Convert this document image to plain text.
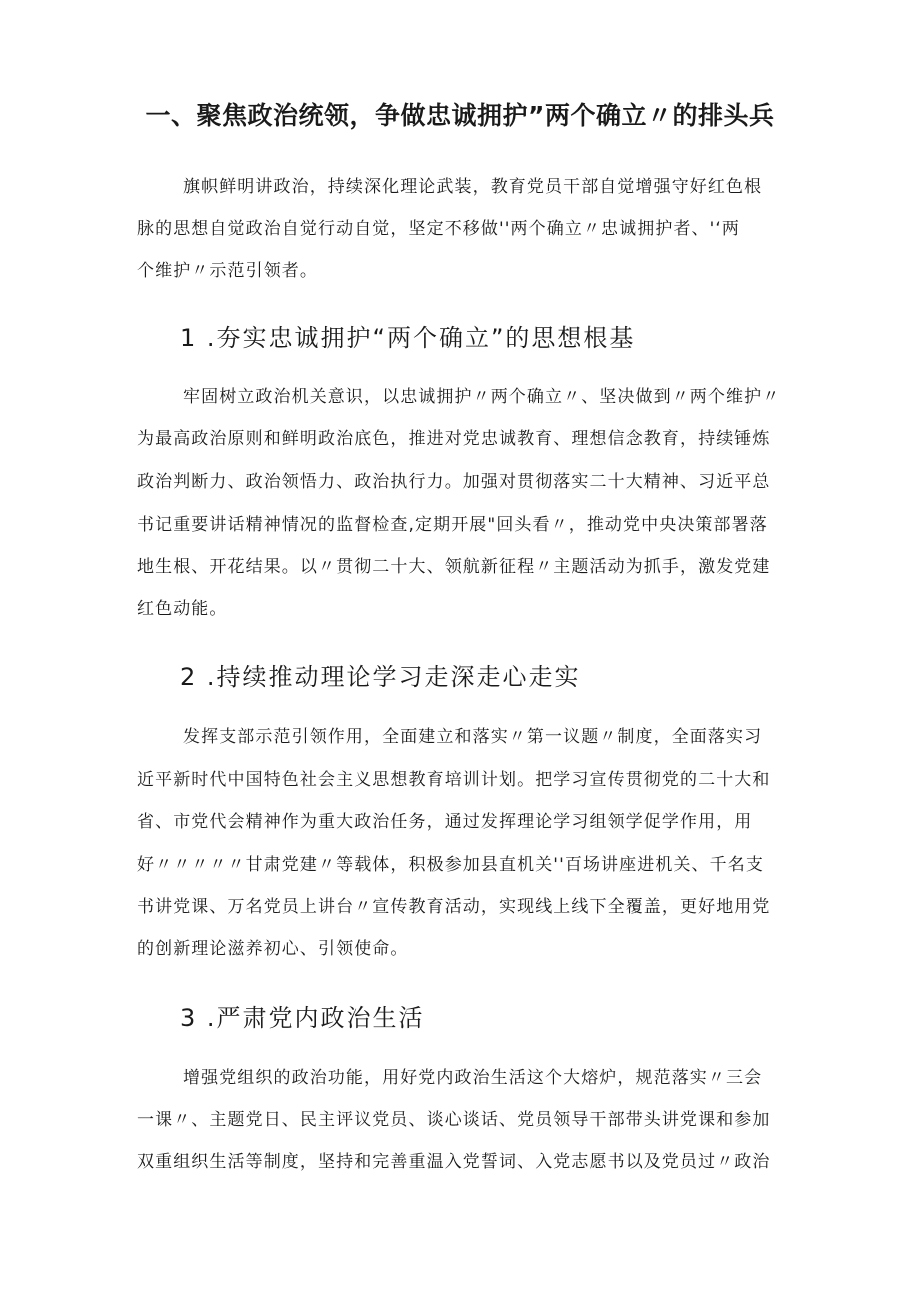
一、聚焦政治统领，争做忠诚拥护”两个确立〃的排头兵
旗帜鲜明讲政治，持续深化理论武装，教育党员干部自觉增强守好红色根
脉的思想自觉政治自觉行动自觉，坚定不移做''两个确立〃忠诚拥护者、'‘两
个维护〃示范引领者。
1 .夯实忠诚拥护“两个确立”的思想根基
牢固树立政治机关意识，以忠诚拥护〃两个确立〃、坚决做到〃两个维护〃
为最高政治原则和鲜明政治底色，推进对党忠诚教育、理想信念教育，持续锤炼
政治判断力、政治领悟力、政治执行力。加强对贯彻落实二十大精神、习近平总
书记重要讲话精神情况的监督检查,定期开展"回头看〃，推动党中央决策部署落
地生根、开花结果。以〃贯彻二十大、领航新征程〃主题活动为抓手，激发党建
红色动能。
2 .持续推动理论学习走深走心走实
发挥支部示范引领作用，全面建立和落实〃第一议题〃制度，全面落实习
近平新时代中国特色社会主义思想教育培训计划。把学习宣传贯彻党的二十大和
省、市党代会精神作为重大政治任务，通过发挥理论学习组领学促学作用，用
好〃〃〃〃〃甘肃党建〃等载体，积极参加县直机关''百场讲座进机关、千名支
书讲党课、万名党员上讲台〃宣传教育活动，实现线上线下全覆盖，更好地用党
的创新理论滋养初心、引领使命。
3 .严肃党内政治生活
增强党组织的政治功能，用好党内政治生活这个大熔炉，规范落实〃三会
一课〃、主题党日、民主评议党员、谈心谈话、党员领导干部带头讲党课和参加
双重组织生活等制度，坚持和完善重温入党誓词、入党志愿书以及党员过〃政治
